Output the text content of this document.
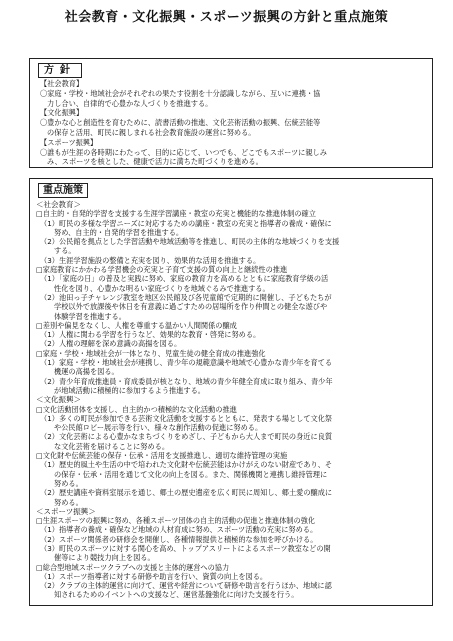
社会教育・文化振興・スポーツ振興の方針と重点施策
方針
【社会教育】
〇家庭・学校・地域社会がそれぞれの果たす役割を十分認識しながら、互いに連携・協
力し合い、自律的で心豊かな人づくりを推進する。
【文化振興】
〇豊かな心と創造性を育むために、読書活動の推進、文化芸術活動の振興、伝統芸能等
の保存と活用、町民に親しまれる社会教育施設の運営に努める。
【スポーツ振興】
〇誰もが生涯の各時期にわたって、目的に応じて、いつでも、どこでもスポーツに親しみ
み、スポーツを核とした、健康で活力に満ちた町づくりを進める。
重点施策
＜社会教育＞
□自主的・自発的学習を支援する生涯学習講座・教室の充実と機能的な推進体制の確立
（1）町民の多様な学習ニーズに対応するための講座・教室の充実と指導者の養成・確保に
努め、自主的・自発的学習を推進する。
（2）公民館を拠点とした学習活動や地域活動等を推進し、町民の主体的な地域づくりを支援
する。
（3）生涯学習施設の整備と充実を図り、効果的な活用を推進する。
□家庭教育にかかわる学習機会の充実と子育て支援の質の向上と継続性の推進
（1）「家庭の日」の普及と実践に努め、家庭の教育力を高めるとともに家庭教育学級の活
性化を図り、心豊かな明るい家庭づくりを地域ぐるみで推進する。
（2）池田っ子チャレンジ教室を地区公民館及び各児童館で定期的に開催し、子どもたちが
学校以外で放課後や休日を有意義に過ごすための居場所を作り仲間との健全な遊びや
体験学習を推進する。
□差別や偏見をなくし、人権を尊重する温かい人間関係の醸成
（1）人権に関わる学習を行うなど、効果的な教育・啓発に努める。
（2）人権の理解を深め意識の高揚を図る。
□家庭・学校・地域社会が一体となり、児童生徒の健全育成の推進強化
（1）家庭・学校・地域社会が連携し、青少年の規範意識や地域で心豊かな青少年を育てる
機運の高揚を図る。
（2）青少年育成推進員・育成委員が核となり、地域の青少年健全育成に取り組み、青少年
が地域活動に積極的に参加するよう推進する。
＜文化振興＞
□文化活動団体を支援し、自主的かつ積極的な文化活動の推進
（1）多くの町民が参加できる芸術文化活動を支援するとともに、発表する場として文化祭
や公民館ロビー展示等を行い、様々な創作活動の促進に努める。
（2）文化芸術による心豊かなまちづくりをめざし、子どもから大人まで町民の身近に良質
な文化芸術を届けることに努める。
□文化財や伝統芸能の保存・伝承・活用を支援推進し、適切な維持管理の実施
（1）歴史的風土や生活の中で培われた文化財や伝統芸能はかけがえのない財産であり、そ
の保存・伝承・活用を通じて文化の向上を図る。また、関係機関と連携し維持管理に
努める。
（2）歴史講座や資料室展示を通じ、郷土の歴史遺産を広く町民に周知し、郷土愛の醸成に
努める。
＜スポーツ振興＞
□生涯スポーツの振興に努め、各種スポーツ団体の自主的活動の促進と推進体制の強化
（1）指導者の養成・確保など地域の人材育成に努め、スポーツ活動の充実に努める。
（2）スポーツ関係者の研修会を開催し、各種情報提供と積極的な参加を呼びかける。
（3）町民のスポーツに対する関心を高め、トップアスリートによるスポーツ教室などの開
催等により競技力向上を図る。
□総合型地域スポーツクラブへの支援と主体的運営への協力
（1）スポーツ指導者に対する研修や助言を行い、資質の向上を図る。
（2）クラブの主体的運営に向けて、運営や経営について研修や助言を行うほか、地域に認
知されるためのイベントへの支援など、運営基盤強化に向けた支援を行う。
